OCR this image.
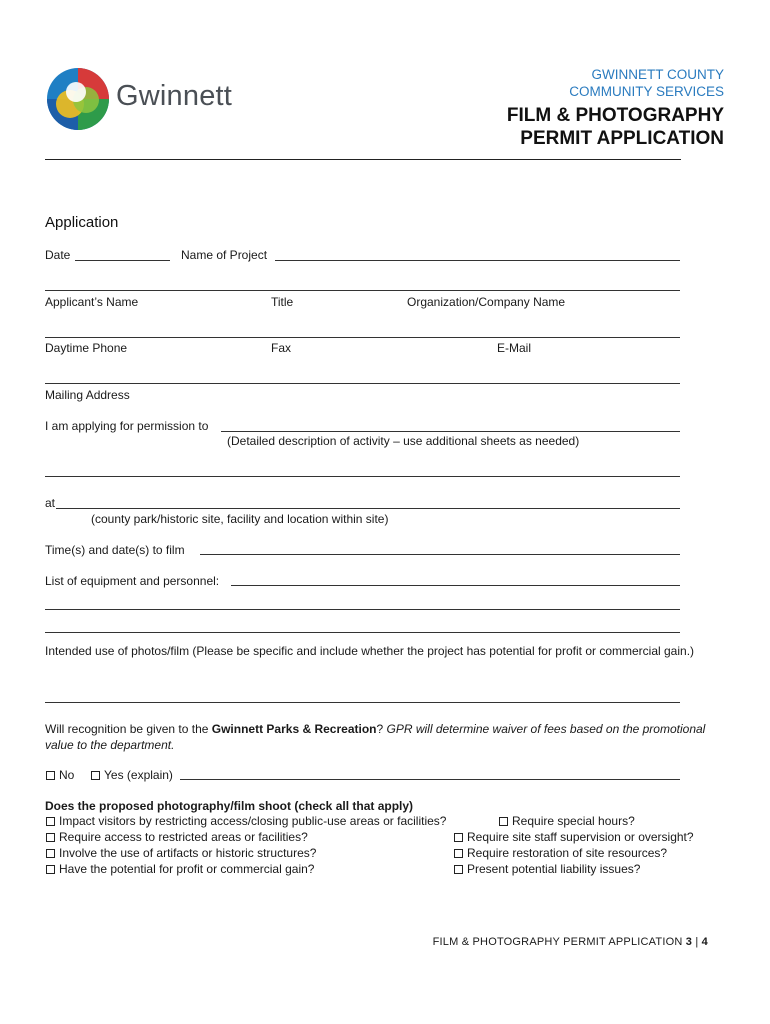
Gwinnett
GWINNETT COUNTY
COMMUNITY SERVICES
FILM & PHOTOGRAPHY
PERMIT APPLICATION
Application
Date	Name of Project
Applicant’s Name	Title	Organization/Company Name
Daytime Phone	Fax	E-Mail
Mailing Address
I am applying for permission to
(Detailed description of activity – use additional sheets as needed)
at
(county park/historic site, facility and location within site)
Time(s) and date(s) to film
List of equipment and personnel:
Intended use of photos/film (Please be specific and include whether the project has potential for profit or commercial gain.)
Will recognition be given to the Gwinnett Parks & Recreation? GPR will determine waiver of fees based on the promotional value to the department.
No	Yes (explain)
Does the proposed photography/film shoot (check all that apply)
Impact visitors by restricting access/closing public-use areas or facilities?
Require access to restricted areas or facilities?
Involve the use of artifacts or historic structures?
Have the potential for profit or commercial gain?
Require special hours?
Require site staff supervision or oversight?
Require restoration of site resources?
Present potential liability issues?
FILM & PHOTOGRAPHY PERMIT APPLICATION 3 | 4
